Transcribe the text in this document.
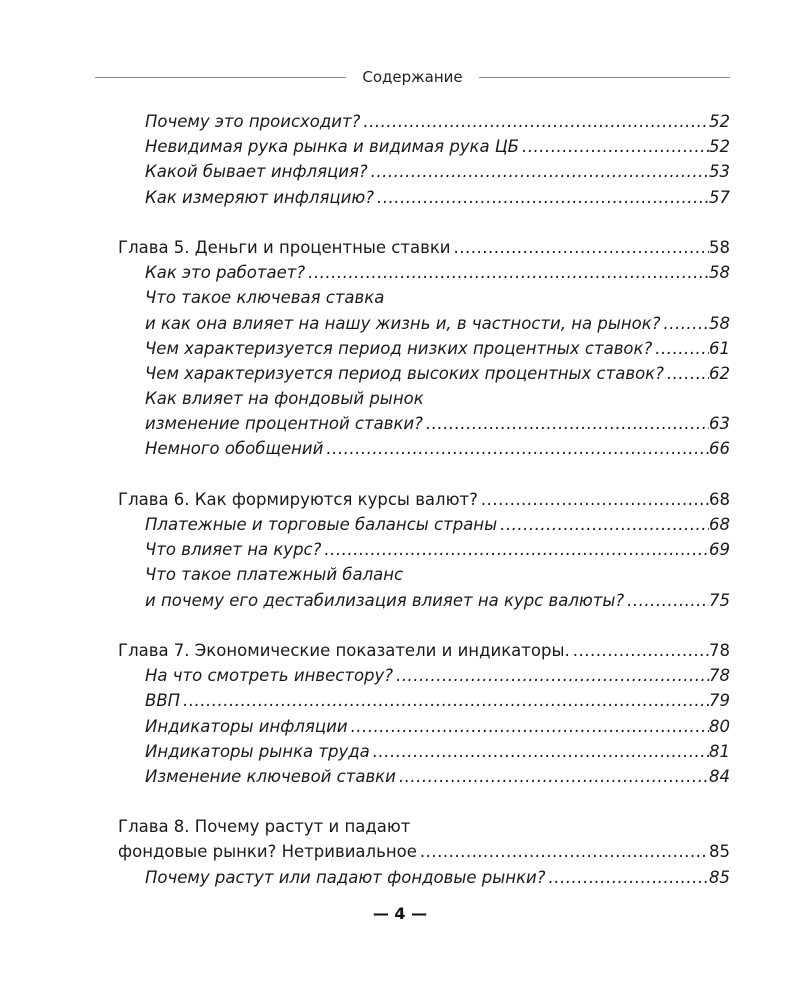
Содержание
Почему это происходит? .....	52
Невидимая рука рынка и видимая рука ЦБ .....	52
Какой бывает инфляция? .....	53
Как измеряют инфляцию? .....	57
Глава 5. Деньги и процентные ставки .....	58
Как это работает? .....	58
Что такое ключевая ставка
и как она влияет на нашу жизнь и, в частности, на рынок? .....	58
Чем характеризуется период низких процентных ставок? .....	61
Чем характеризуется период высоких процентных ставок? .....	62
Как влияет на фондовый рынок
изменение процентной ставки? .....	63
Немного обобщений .....	66
Глава 6. Как формируются курсы валют? .....	68
Платежные и торговые балансы страны .....	68
Что влияет на курс? .....	69
Что такое платежный баланс
и почему его дестабилизация влияет на курс валюты? .....	75
Глава 7. Экономические показатели и индикаторы. .....	78
На что смотреть инвестору? .....	78
ВВП .....	79
Индикаторы инфляции .....	80
Индикаторы рынка труда .....	81
Изменение ключевой ставки .....	84
Глава 8. Почему растут и падают
фондовые рынки? Нетривиальное .....	85
Почему растут или падают фондовые рынки? .....	85
— 4 —
